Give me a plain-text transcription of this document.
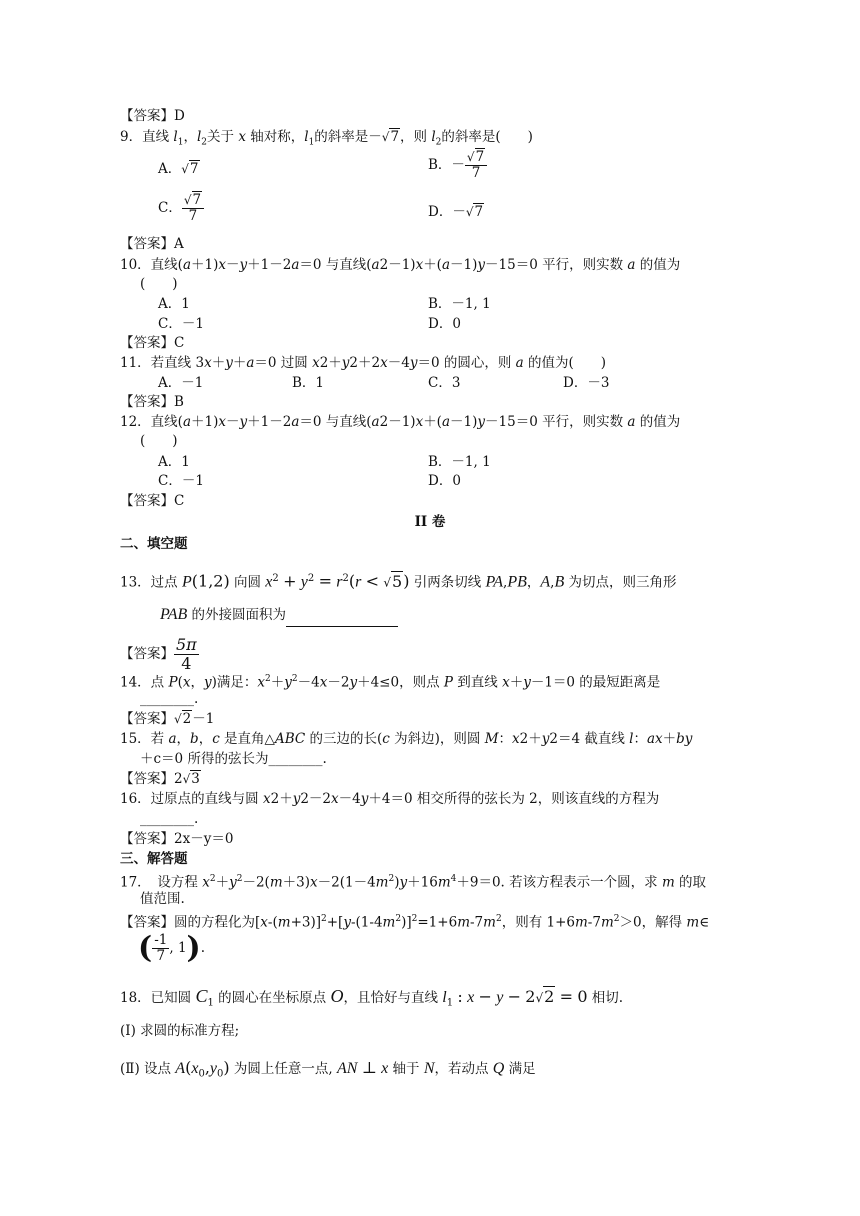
【答案】D
9．直线 $l_1$，$l_2$关于 x 轴对称，$l_1$的斜率是－√7，则 $l_2$的斜率是(　　)
A．√7	B．－ $\frac{√7}{7}$
C． $\frac{√7}{7}$	D．－√7
【答案】A
10．直线(a＋1)x－y＋1－2a＝0 与直线(a2－1)x＋(a－1)y－15＝0 平行，则实数 a 的值为
(　　)
A．1	B．－1, 1
C．－1	D．0
【答案】C
11．若直线 3x＋y＋a＝0 过圆 x2＋y2＋2x－4y＝0 的圆心，则 a 的值为(　　)
A．－1	B．1	C．3	D．－3
【答案】B
12．直线(a＋1)x－y＋1－2a＝0 与直线(a2－1)x＋(a－1)y－15＝0 平行，则实数 a 的值为
(　　)
A．1	B．－1, 1
C．－1	D．0
【答案】C
II 卷
二、填空题
13．过点 P(1,2) 向圆 $x^2 + y^2 = r^2(r < √5)$ 引两条切线 PA,PB，A,B 为切点，则三角形
PAB 的外接圆面积为
【答案】 $\frac{5\pi}{4}$
14．点 P(x，y)满足：$x^2+y^2-4x-2y+4\le 0$，则点 P 到直线 x＋y－1＝0 的最短距离是
________.
【答案】√2－1
15．若 a，b，c 是直角△ABC 的三边的长(c 为斜边)，则圆 M：x2＋y2＝4 截直线 l：ax＋by
＋c＝0 所得的弦长为________.
【答案】2√3
16．过原点的直线与圆 x2＋y2－2x－4y＋4＝0 相交所得的弦长为 2，则该直线的方程为
________.
【答案】2x－y＝0
三、解答题
17．　设方程 $x^2+y^2-2(m+3)x-2(1-4m^2)y+16m^4+9=0$. 若该方程表示一个圆，求 m 的取
值范围.
【答案】圆的方程化为$[x-(m+3)]^2+[y-(1-4m^2)]^2=1+6m-7m^2$，则有 $1+6m-7m^2>0$，解得 m∈
( $\frac{-1}{7}$ , 1).
18．已知圆 $C_1$ 的圆心在坐标原点 O，且恰好与直线 $l_1$ : x − y − 2√2 = 0 相切.
(Ⅰ) 求圆的标准方程;
(Ⅱ) 设点 $A(x_0,y_0)$ 为圆上任意一点, AN ⊥ x 轴于 N，若动点 Q 满足
